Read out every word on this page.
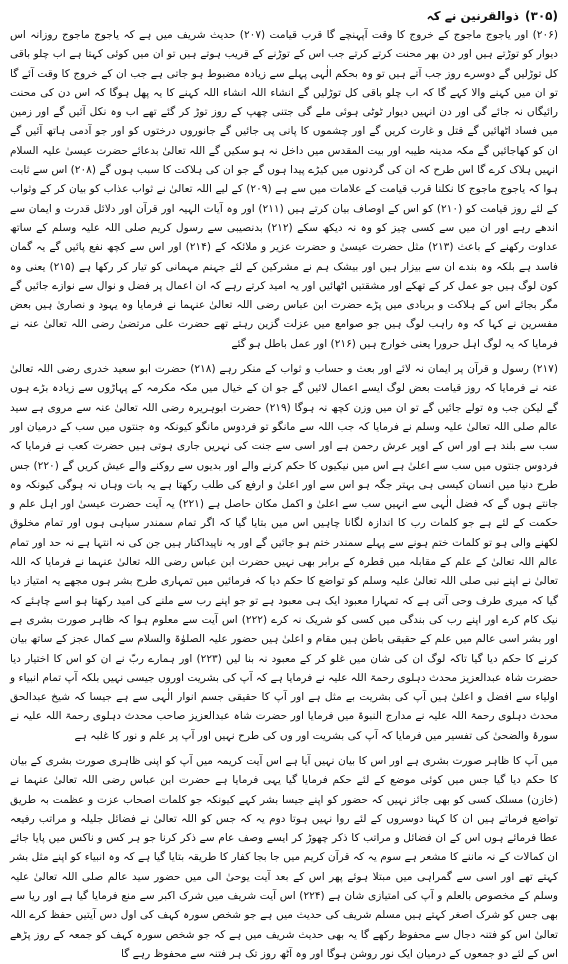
(۳۰۵)
ذوالقرنین نے کہ

(۲۰۶) اور یاجوج ماجوج کے خروج کا وقت آپہنچے گا قرب قیامت (۲۰۷) حدیث شریف میں ہے کہ یاجوج ماجوج روزانہ اس دیوار کو توڑتے ہیں اور دن بھر محنت کرتے کرتے جب اس کے توڑنے کے قریب ہوتے ہیں تو ان میں کوئی کہتا ہے اب چلو باقی کل توڑلیں گے دوسرے روز جب آتے ہیں تو وہ بحکم الٰہی پہلے سے زیادہ مضبوط ہو جاتی ہے جب ان کے خروج کا وقت آئے گا تو ان میں کہنے والا کہے گا کہ اب چلو باقی کل توڑلیں گے انشاء اللہ انشاء اللہ کہنے کا یہ پھل ہوگا کہ اس دن کی محنت رائیگاں نہ جائے گی اور دن انہیں دیوار ٹوٹی ہوئی ملے گی جتنی چھپ کے روز توڑ کر گئے تھے اب وہ نکل آئیں گے اور زمین میں فساد اٹھائیں گے قتل و غارت کریں گے اور چشموں کا پانی پی جائیں گے جانوروں درختوں کو اور جو آدمی ہاتھ آئیں گے ان کو کھاجائیں گے مکہ مدینہ طیبہ اور بیت المقدس میں داخل نہ ہو سکیں گے اللہ تعالیٰ بدعائے حضرت عیسیٰ علیہ السلام انہیں ہلاک کرے گا اس طرح کہ ان کی گردنوں میں کیڑے پیدا ہوں گے جو ان کی ہلاکت کا سبب ہوں گے (۲۰۸) اس سے ثابت ہوا کہ یاجوج ماجوج کا نکلنا قرب قیامت کے علامات میں سے ہے (۲۰۹) کے لیے اللہ تعالیٰ نے ثواب عذاب کو بیان کر کے وثواب کے لئے روز قیامت کو (۲۱۰) کو اس کے اوصاف بیان کرتے ہیں (۲۱۱) اور وہ آیات الہیہ اور قرآن اور دلائل قدرت و ایمان سے اندھے رہے اور ان میں سے کسی چیز کو وہ نہ دیکھ سکے (۲۱۲) بدنصیبی سے رسول کریم صلی اللہ علیہ وسلم کے ساتھ عداوت رکھنے کے باعث (۲۱۳) مثل حضرت عیسیٰ و حضرت عزیر و ملائکہ کے (۲۱۴) اور اس سے کچھ نفع پائیں گے یہ گمان فاسد ہے بلکہ وہ بندے ان سے بیزار ہیں اور بیشک ہم نے مشرکین کے لئے جہنم مہمانی کو تیار کر رکھا ہے (۲۱۵) یعنی وہ کون لوگ ہیں جو عمل کر کے تھکے اور مشقتیں اٹھائیں اور یہ امید کرتے رہے کہ ان اعمال پر فضل و نوال سے نوازے جائیں گے مگر بجائے اس کے ہلاکت و بربادی میں پڑے حضرت ابن عباس رضی اللہ تعالیٰ عنہما نے فرمایا وہ یہود و نصاریٰ ہیں بعض مفسرین نے کہا کہ وہ راہب لوگ ہیں جو صوامع میں عزلت گزین رہتے تھے حضرت علی مرتضیٰ رضی اللہ تعالیٰ عنہ نے فرمایا کہ یہ لوگ اہل حرورا یعنی خوارج ہیں (۲۱۶) اور عمل باطل ہو گئے

(۲۱۷) رسول و قرآن پر ایمان نہ لائے اور بعث و حساب و ثواب کے منکر رہے (۲۱۸) حضرت ابو سعید خدری رضی اللہ تعالیٰ عنہ نے فرمایا کہ روز قیامت بعض لوگ ایسے اعمال لائیں گے جو ان کے خیال میں مکہ مکرمہ کے پہاڑوں سے زیادہ بڑے ہوں گے لیکن جب وہ تولے جائیں گے تو ان میں وزن کچھ نہ ہوگا (۲۱۹) حضرت ابوہریرہ رضی اللہ تعالیٰ عنہ سے مروی ہے سید عالم صلی اللہ تعالیٰ علیہ وسلم نے فرمایا کہ جب اللہ سے مانگو تو فردوس مانگو کیونکہ وہ جنتوں میں سب کے درمیان اور سب سے بلند ہے اور اس کے اوپر عرش رحمن ہے اور اسی سے جنت کی نہریں جاری ہوتی ہیں حضرت کعب نے فرمایا کہ فردوس جنتوں میں سب سے اعلیٰ ہے اس میں نیکیوں کا حکم کرنے والے اور بدیوں سے روکنے والے عیش کریں گے (۲۲۰) جس طرح دنیا میں انسان کیسی ہی بہتر جگہ ہو اس سے اور اعلیٰ و ارفع کی طلب رکھتا ہے یہ بات وہاں نہ ہوگی کیونکہ وہ جانتے ہوں گے کہ فضل الٰہی سے انہیں سب سے اعلیٰ و اکمل مکان حاصل ہے (۲۲۱) یہ آیت حضرت عیسیٰ اور اہل علم و حکمت کے لئے ہے جو کلمات رب کا اندازہ لگانا چاہیں اس میں بتایا گیا کہ اگر تمام سمندر سیاہی ہوں اور تمام مخلوق لکھنے والی ہو تو کلمات ختم ہونے سے پہلے سمندر ختم ہو جائیں گے اور یہ ناپیداکنار ہیں جن کی نہ انتہا ہے نہ حد اور تمام عالم اللہ تعالیٰ کے علم کے مقابلہ میں قطرہ کے برابر بھی نہیں حضرت ابن عباس رضی اللہ تعالیٰ عنہما نے فرمایا کہ اللہ تعالیٰ نے اپنے نبی صلی اللہ تعالیٰ علیہ وسلم کو تواضع کا حکم دیا کہ فرمائیں میں تمہاری طرح بشر ہوں مجھے یہ امتیاز دیا گیا کہ میری طرف وحی آتی ہے کہ تمہارا معبود ایک ہی معبود ہے تو جو اپنے رب سے ملنے کی امید رکھتا ہو اسے چاہئے کہ نیک کام کرے اور اپنے رب کی بندگی میں کسی کو شریک نہ کرے (۲۲۲) اس آیت سے معلوم ہوا کہ ظاہر صورت بشری ہے اور بشر اسی عالم میں علم کے حقیقی باطن ہیں مقام و اعلیٰ ہیں حضور علیہ الصلوٰۃ والسلام سے کمال عجز کے ساتھ بیان کرنے کا حکم دیا گیا تاکہ لوگ ان کی شان میں غلو کر کے معبود نہ بنا لیں (۲۲۳) اور ہمارے ربّ نے ان کو اس کا اختیار دیا حضرت شاہ عبدالعزیز محدث دہلوی رحمۃ اللہ علیہ نے فرمایا ہے کہ آپ کی بشریت اوروں جیسی نہیں بلکہ آپ تمام انبیاء و اولیاء سے افضل و اعلیٰ ہیں آپ کی بشریت بے مثل ہے اور آپ کا حقیقی جسم انوار الٰہی سے ہے جیسا کہ شیخ عبدالحق محدث دہلوی رحمۃ اللہ علیہ نے مدارج النبوۃ میں فرمایا اور حضرت شاہ عبدالعزیز صاحب محدث دہلوی رحمۃ اللہ علیہ نے سورۂ والضحیٰ کی تفسیر میں فرمایا کہ آپ کی بشریت اور وں کی طرح نہیں اور آپ پر علم و نور کا غلبہ ہے

میں آپ کا ظاہر صورت بشری ہے اور اس کا بیان نہیں آیا ہے اس آیت کریمہ میں آپ کو اپنی ظاہری صورت بشری کے بیان کا حکم دیا گیا جس میں کوئی موضع کے لئے حکم فرمایا گیا یہی فرمایا ہے حضرت ابن عباس رضی اللہ تعالیٰ عنہما نے (خازن) مسلک کسی کو بھی جائز نہیں کہ حضور کو اپنے جیسا بشر کہے کیونکہ جو کلمات اصحاب عزت و عظمت بہ طریق تواضع فرماتے ہیں ان کا کہنا دوسروں کے لئے روا نہیں ہوتا دوم یہ کہ جس کو اللہ تعالیٰ نے فضائل جلیلہ و مراتب رفیعہ عطا فرمائے ہوں اس کے ان فضائل و مراتب کا ذکر چھوڑ کر ایسے وصف عام سے ذکر کرنا جو ہر کس و ناکس میں پایا جائے ان کمالات کے نہ ماننے کا مشعر ہے سوم یہ کہ قرآن کریم میں جا بجا کفار کا طریقہ بتایا گیا ہے کہ وہ انبیاء کو اپنے مثل بشر کہتے تھے اور اسی سے گمراہی میں مبتلا ہوئے پھر اس کے بعد آیت یوحیٰ الی میں حضور سید عالم صلی اللہ تعالیٰ علیہ وسلم کے مخصوص بالعلم و آپ کی امتیازی شان ہے (۲۲۴) اس آیت شریف میں شرک اکبر سے منع فرمایا گیا ہے اور ریا سے بھی جس کو شرک اصغر کہتے ہیں مسلم شریف کی حدیث میں ہے جو شخص سورہ کہف کی اول دس آیتیں حفظ کرے اللہ تعالیٰ اس کو فتنہ دجال سے محفوظ رکھے گا یہ بھی حدیث شریف میں ہے کہ جو شخص سورہ کہف کو جمعہ کے روز پڑھے اس کے لئے دو جمعوں کے درمیان ایک نور روشن ہوگا اور وہ آٹھ روز تک ہر فتنہ سے محفوظ رہے گا
